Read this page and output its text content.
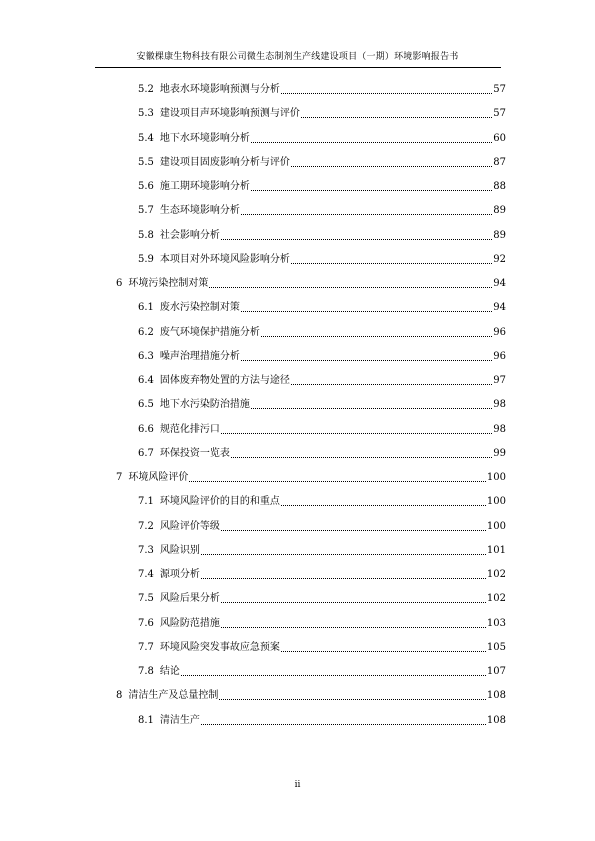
安徽棵康生物科技有限公司微生态制剂生产线建设项目（一期）环境影响报告书
5.2 地表水环境影响预测与分析	57
5.3 建设项目声环境影响预测与评价	57
5.4 地下水环境影响分析	60
5.5 建设项目固废影响分析与评价	87
5.6 施工期环境影响分析	88
5.7 生态环境影响分析	89
5.8 社会影响分析	89
5.9 本项目对外环境风险影响分析	92
6 环境污染控制对策	94
6.1 废水污染控制对策	94
6.2 废气环境保护措施分析	96
6.3 噪声治理措施分析	96
6.4 固体废弃物处置的方法与途径	97
6.5 地下水污染防治措施	98
6.6 规范化排污口	98
6.7 环保投资一览表	99
7 环境风险评价	100
7.1 环境风险评价的目的和重点	100
7.2 风险评价等级	100
7.3 风险识别	101
7.4 源项分析	102
7.5 风险后果分析	102
7.6 风险防范措施	103
7.7 环境风险突发事故应急预案	105
7.8 结论	107
8 清洁生产及总量控制	108
8.1 清洁生产	108
ii
